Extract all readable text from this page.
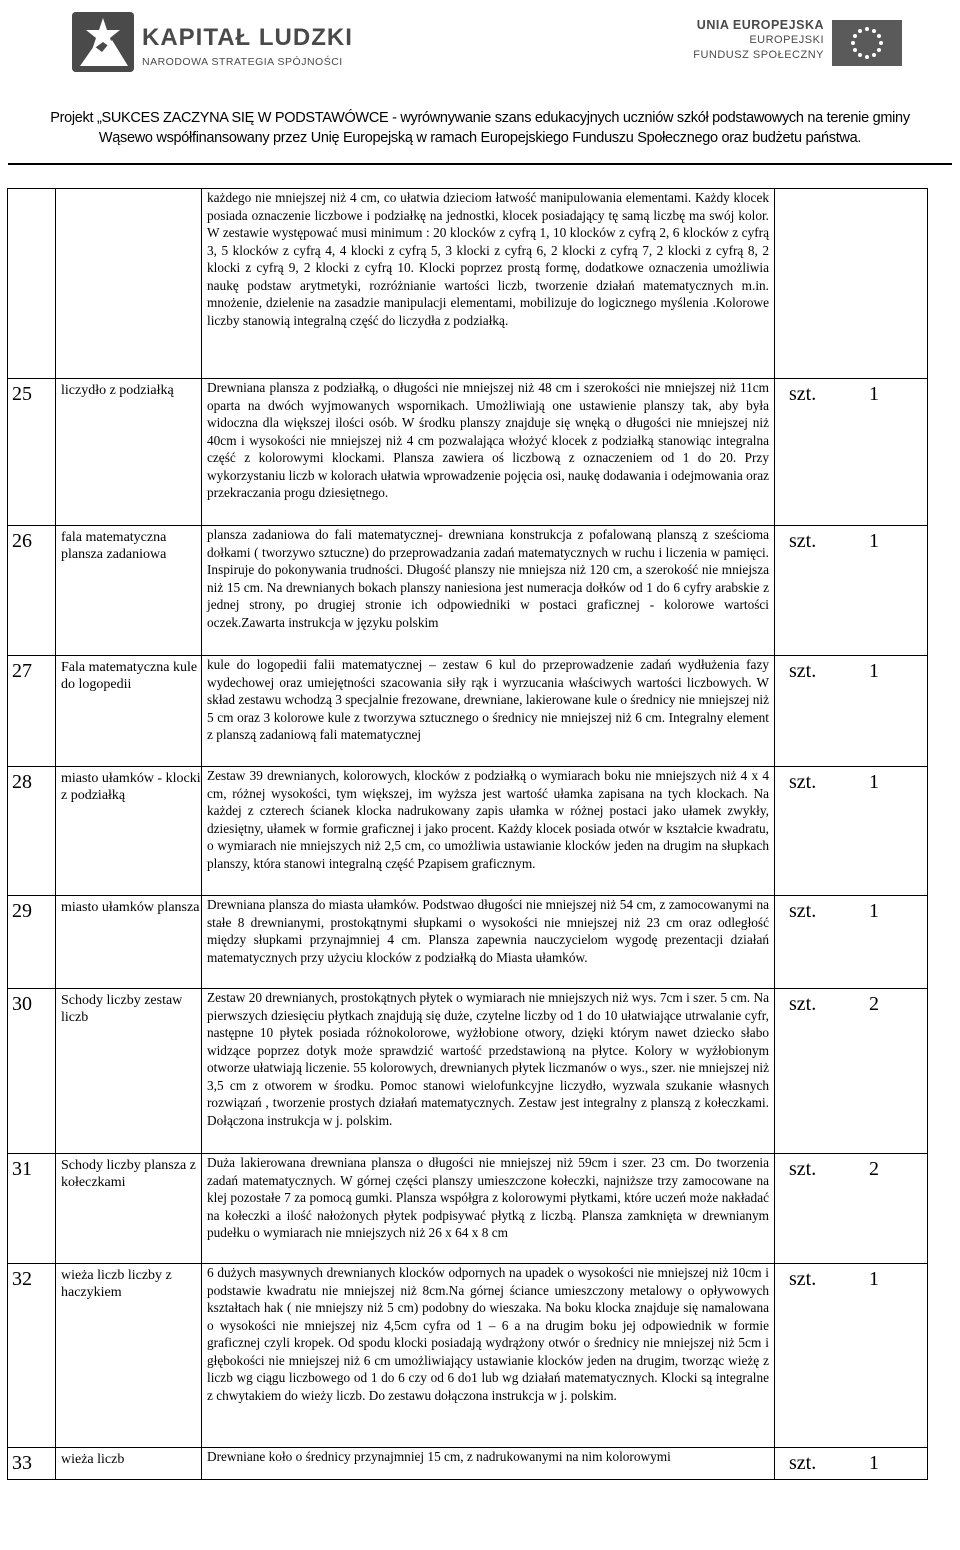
KAPITAŁ LUDZKI
NARODOWA STRATEGIA SPÓJNOŚCI
UNIA EUROPEJSKA
EUROPEJSKI
FUNDUSZ SPOŁECZNY
Projekt „SUKCES ZACZYNA SIĘ W PODSTAWÓWCE - wyrównywanie szans edukacyjnych uczniów szkół podstawowych na terenie gminy
Wąsewo współfinansowany przez Unię Europejską w ramach Europejskiego Funduszu Społecznego oraz budżetu państwa.
		każdego nie mniejszej niż 4 cm, co ułatwia dzieciom łatwość manipulowania elementami. Każdy klocek posiada oznaczenie liczbowe i podziałkę na jednostki, klocek posiadający tę samą liczbę ma swój kolor. W zestawie występować musi minimum : 20 klocków z cyfrą 1, 10 klocków z cyfrą 2, 6 klocków z cyfrą 3, 5 klocków z cyfrą 4, 4 klocki z cyfrą 5, 3 klocki z cyfrą 6, 2 klocki z cyfrą 7, 2 klocki z cyfrą 8, 2 klocki z cyfrą 9, 2 klocki z cyfrą 10. Klocki poprzez prostą formę, dodatkowe oznaczenia umożliwia naukę podstaw arytmetyki, rozróżnianie wartości liczb, tworzenie działań matematycznych m.in. mnożenie, dzielenie na zasadzie manipulacji elementami, mobilizuje do logicznego myślenia .Kolorowe liczby stanowią integralną część do liczydła z podziałką.	

25	liczydło z podziałką	Drewniana plansza z podziałką, o długości nie mniejszej niż 48 cm i szerokości nie mniejszej niż 11cm oparta na dwóch wyjmowanych wspornikach. Umożliwiają one ustawienie planszy tak, aby była widoczna dla większej ilości osób. W środku planszy znajduje się wnęką o długości nie mniejszej niż 40cm i wysokości nie mniejszej niż 4 cm pozwalająca włożyć klocek z podziałką stanowiąc integralna część z kolorowymi klockami. Plansza zawiera oś liczbową z oznaczeniem od 1 do 20. Przy wykorzystaniu liczb w kolorach ułatwia wprowadzenie pojęcia osi, naukę dodawania i odejmowania oraz przekraczania progu dziesiętnego.	szt. 1

26	fala matematyczna plansza zadaniowa	plansza zadaniowa do fali matematycznej- drewniana konstrukcja z pofalowaną planszą z sześcioma dołkami ( tworzywo sztuczne) do przeprowadzania zadań matematycznych w ruchu i liczenia w pamięci. Inspiruje do pokonywania trudności. Długość planszy nie mniejsza niż 120 cm, a szerokość nie mniejsza niż 15 cm. Na drewnianych bokach planszy naniesiona jest numeracja dołków od 1 do 6 cyfry arabskie z jednej strony, po drugiej stronie ich odpowiedniki w postaci graficznej - kolorowe wartości oczek.Zawarta instrukcja w języku polskim	szt. 1

27	Fala matematyczna kule do logopedii	kule do logopedii falii matematycznej – zestaw 6 kul do przeprowadzenie zadań wydłużenia fazy wydechowej oraz umiejętności szacowania siły rąk i wyrzucania właściwych wartości liczbowych. W skład zestawu wchodzą 3 specjalnie frezowane, drewniane, lakierowane kule o średnicy nie mniejszej niż 5 cm oraz 3 kolorowe kule z tworzywa sztucznego o średnicy nie mniejszej niż 6 cm. Integralny element z planszą zadaniową fali matematycznej	szt. 1

28	miasto ułamków - klocki z podziałką	Zestaw 39 drewnianych, kolorowych, klocków z podziałką o wymiarach boku nie mniejszych niż 4 x 4 cm, różnej wysokości, tym większej, im wyższa jest wartość ułamka zapisana na tych klockach. Na każdej z czterech ścianek klocka nadrukowany zapis ułamka w różnej postaci jako ułamek zwykły, dziesiętny, ułamek w formie graficznej i jako procent. Każdy klocek posiada otwór w kształcie kwadratu, o wymiarach nie mniejszych niż 2,5 cm, co umożliwia ustawianie klocków jeden na drugim na słupkach planszy, która stanowi integralną część Pzapisem graficznym.	szt. 1

29	miasto ułamków plansza	Drewniana plansza do miasta ułamków. Podstwao długości nie mniejszej niż 54 cm, z zamocowanymi na stałe 8 drewnianymi, prostokątnymi słupkami o wysokości nie mniejszej niż 23 cm oraz odległość między słupkami przynajmniej 4 cm. Plansza zapewnia nauczycielom wygodę prezentacji działań matematycznych przy użyciu klocków z podziałką do Miasta ułamków.	szt. 1

30	Schody liczby zestaw liczb	Zestaw 20 drewnianych, prostokątnych płytek o wymiarach nie mniejszych niż wys. 7cm i szer. 5 cm. Na pierwszych dziesięciu płytkach znajdują się duże, czytelne liczby od 1 do 10 ułatwiające utrwalanie cyfr, następne 10 płytek posiada różnokolorowe, wyżłobione otwory, dzięki którym nawet dziecko słabo widzące poprzez dotyk może sprawdzić wartość przedstawioną na płytce. Kolory w wyżłobionym otworze ułatwiają liczenie. 55 kolorowych, drewnianych płytek liczmanów o wys., szer. nie mniejszej niż 3,5 cm z otworem w środku. Pomoc stanowi wielofunkcyjne liczydło, wyzwala szukanie własnych rozwiązań , tworzenie prostych działań matematycznych. Zestaw jest integralny z planszą z kołeczkami. Dołączona instrukcja w j. polskim.	szt. 2

31	Schody liczby plansza z kołeczkami	Duża lakierowana drewniana plansza o długości nie mniejszej niż 59cm i szer. 23 cm. Do tworzenia zadań matematycznych. W górnej części planszy umieszczone kołeczki, najniższe trzy zamocowane na klej pozostałe 7 za pomocą gumki. Plansza współgra z kolorowymi płytkami, które uczeń może nakładać na kołeczki a ilość nałożonych płytek podpisywać płytką z liczbą. Plansza zamknięta w drewnianym pudełku o wymiarach nie mniejszych niż 26 x 64 x 8 cm	szt. 2

32	wieża liczb liczby z haczykiem	6 dużych masywnych drewnianych klocków odpornych na upadek o wysokości nie mniejszej niż 10cm i podstawie kwadratu nie mniejszej niż 8cm.Na górnej ściance umieszczony metalowy o opływowych kształtach hak ( nie mniejszy niż 5 cm) podobny do wieszaka. Na boku klocka znajduje się namalowana o wysokości nie mniejszej niz 4,5cm cyfra od 1 – 6 a na drugim boku jej odpowiednik w formie graficznej czyli kropek. Od spodu klocki posiadają wydrążony otwór o średnicy nie mniejszej niż 5cm i głębokości nie mniejszej niż 6 cm umożliwiający ustawianie klocków jeden na drugim, tworząc wieżę z liczb wg ciągu liczbowego od 1 do 6 czy od 6 do1 lub wg działań matematycznych. Klocki są integralne z chwytakiem do wieży liczb. Do zestawu dołączona instrukcja w j. polskim.	szt. 1

33	wieża liczb	Drewniane koło o średnicy przynajmniej 15 cm, z nadrukowanymi na nim kolorowymi	szt. 1
